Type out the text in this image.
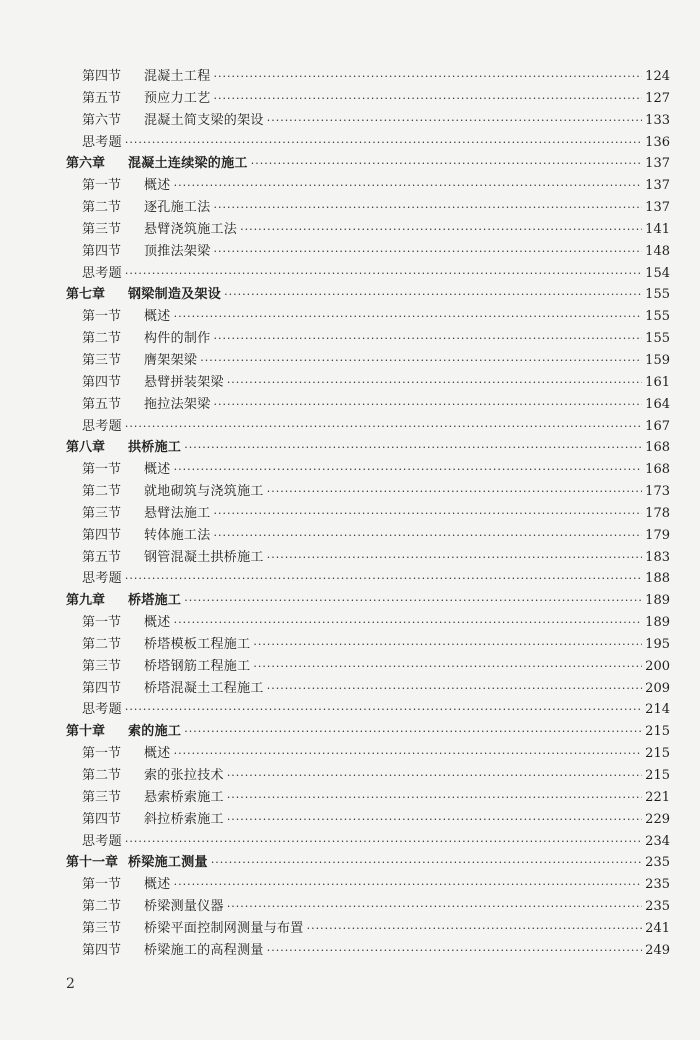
第四节	混凝土工程 ·····	124
第五节	预应力工艺 ·····	127
第六节	混凝土简支梁的架设 ·····	133
思考题 ·····	136
第六章	混凝土连续梁的施工 ·····	137
第一节	概述 ·····	137
第二节	逐孔施工法 ·····	137
第三节	悬臂浇筑施工法 ·····	141
第四节	顶推法架梁 ·····	148
思考题 ·····	154
第七章	钢梁制造及架设 ·····	155
第一节	概述 ·····	155
第二节	构件的制作 ·····	155
第三节	膺架架梁 ·····	159
第四节	悬臂拼装架梁 ·····	161
第五节	拖拉法架梁 ·····	164
思考题 ·····	167
第八章	拱桥施工 ·····	168
第一节	概述 ·····	168
第二节	就地砌筑与浇筑施工 ·····	173
第三节	悬臂法施工 ·····	178
第四节	转体施工法 ·····	179
第五节	钢管混凝土拱桥施工 ·····	183
思考题 ·····	188
第九章	桥塔施工 ·····	189
第一节	概述 ·····	189
第二节	桥塔模板工程施工 ·····	195
第三节	桥塔钢筋工程施工 ·····	200
第四节	桥塔混凝土工程施工 ·····	209
思考题 ·····	214
第十章	索的施工 ·····	215
第一节	概述 ·····	215
第二节	索的张拉技术 ·····	215
第三节	悬索桥索施工 ·····	221
第四节	斜拉桥索施工 ·····	229
思考题 ·····	234
第十一章 桥梁施工测量 ·····	235
第一节	概述 ·····	235
第二节	桥梁测量仪器 ·····	235
第三节	桥梁平面控制网测量与布置 ·····	241
第四节	桥梁施工的高程测量 ·····	249
2
